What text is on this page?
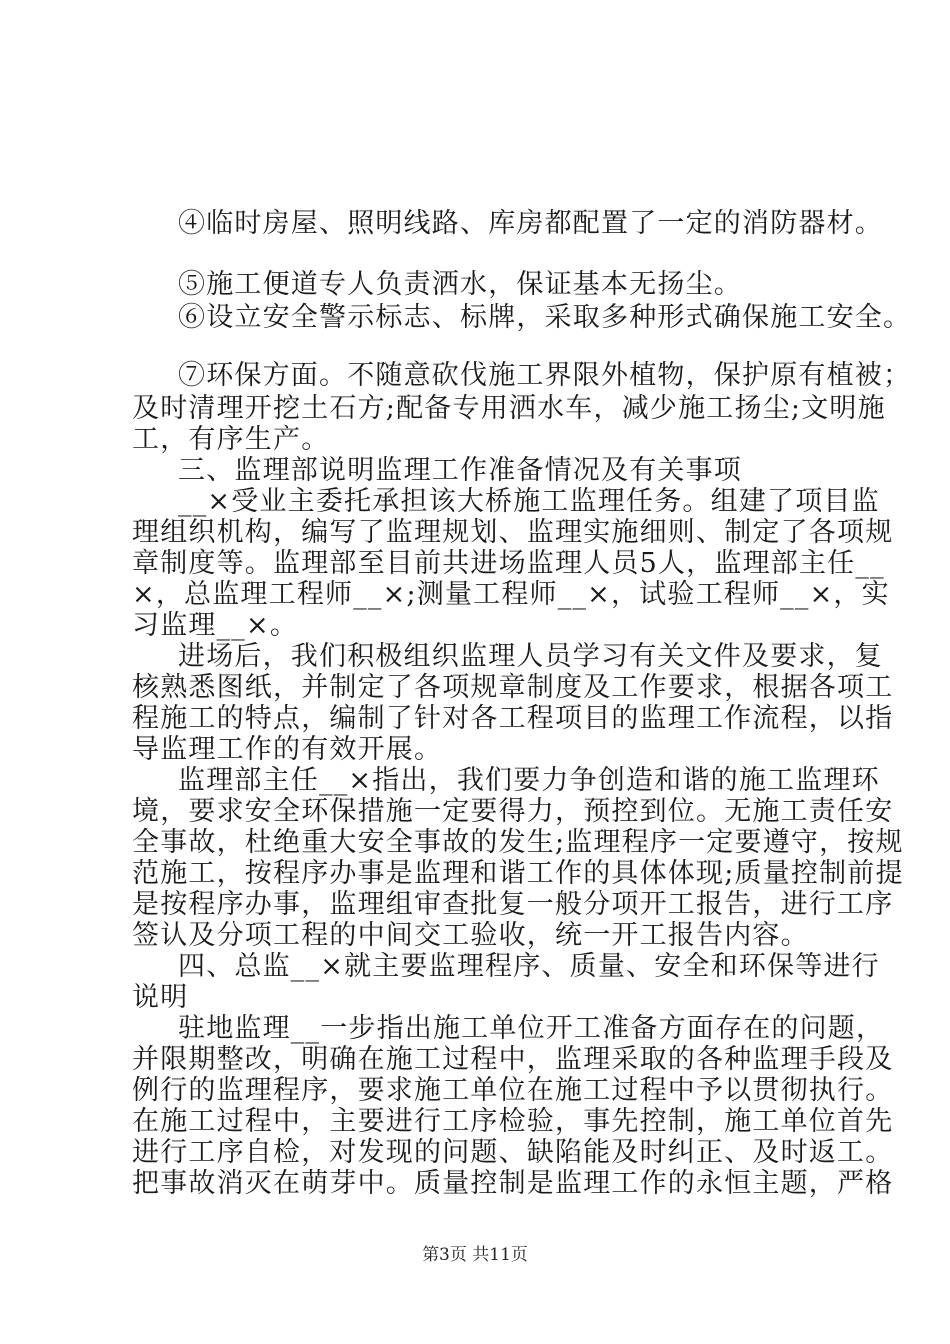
④临时房屋、照明线路、库房都配置了一定的消防器材。
⑤施工便道专人负责洒水，保证基本无扬尘。
⑥设立安全警示标志、标牌，采取多种形式确保施工安全。
⑦环保方面。不随意砍伐施工界限外植物，保护原有植被；
及时清理开挖土石方;配备专用洒水车，减少施工扬尘;文明施
工，有序生产。
三、监理部说明监理工作准备情况及有关事项
__×受业主委托承担该大桥施工监理任务。组建了项目监
理组织机构，编写了监理规划、监理实施细则、制定了各项规
章制度等。监理部至目前共进场监理人员5人，监理部主任__
×，总监理工程师__×;测量工程师__×，试验工程师__×，实
习监理__×。
进场后，我们积极组织监理人员学习有关文件及要求，复
核熟悉图纸，并制定了各项规章制度及工作要求，根据各项工
程施工的特点，编制了针对各工程项目的监理工作流程，以指
导监理工作的有效开展。
监理部主任__×指出，我们要力争创造和谐的施工监理环
境，要求安全环保措施一定要得力，预控到位。无施工责任安
全事故，杜绝重大安全事故的发生;监理程序一定要遵守，按规
范施工，按程序办事是监理和谐工作的具体体现;质量控制前提
是按程序办事，监理组审查批复一般分项开工报告，进行工序
签认及分项工程的中间交工验收，统一开工报告内容。
四、总监__×就主要监理程序、质量、安全和环保等进行
说明
驻地监理__一步指出施工单位开工准备方面存在的问题，
并限期整改，明确在施工过程中，监理采取的各种监理手段及
例行的监理程序，要求施工单位在施工过程中予以贯彻执行。
在施工过程中，主要进行工序检验，事先控制，施工单位首先
进行工序自检，对发现的问题、缺陷能及时纠正、及时返工。
把事故消灭在萌芽中。质量控制是监理工作的永恒主题，严格
第3页 共11页
